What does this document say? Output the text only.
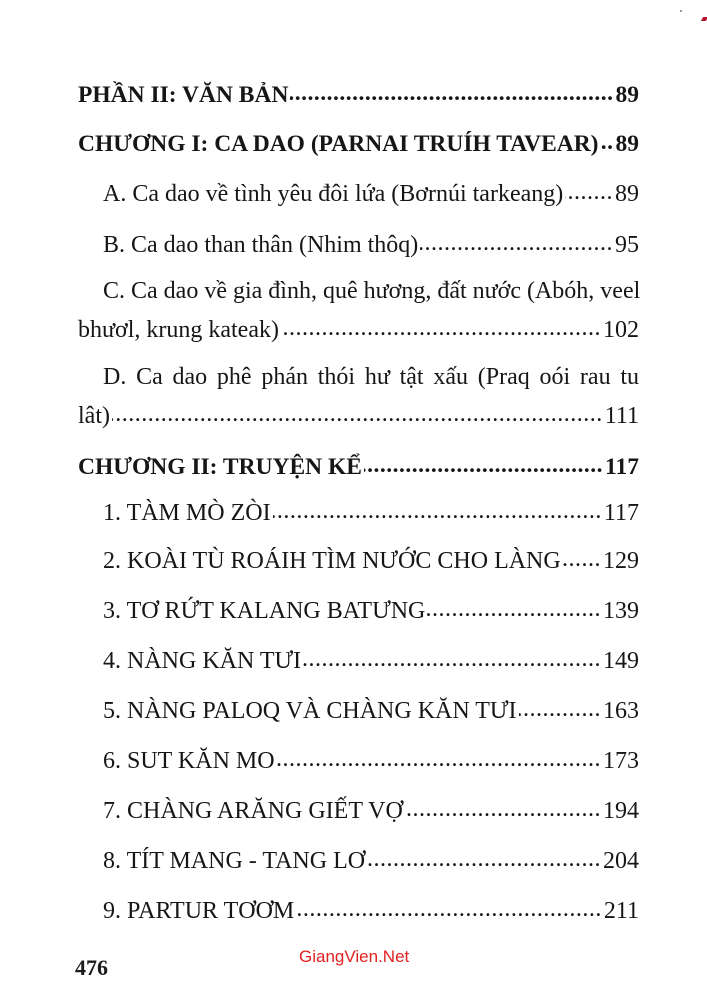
PHẦN II: VĂN BẢN .....	89
CHƯƠNG I: CA DAO (PARNAI TRUÍH TAVEAR) ..... 89
A. Ca dao về tình yêu đôi lứa (Bơrnúi tarkeang) ..... 89
B. Ca dao than thân (Nhim thôq) .....	95
C. Ca dao về gia đình, quê hương, đất nước (Abóh, veel
bhươl, krung kateak) .....	102
D. Ca dao phê phán thói hư tật xấu (Praq oói rau tu
lât) .....	111
CHƯƠNG II: TRUYỆN KỂ .....	117
1. TÀM MÒ ZÒI .....	117
2. KOÀI TÙ ROÁIH TÌM NƯỚC CHO LÀNG ..... 129
3. TƠ RỨT KALANG BATƯNG .....	139
4. NÀNG KĂN TƯI .....	149
5. NÀNG PALOQ VÀ CHÀNG KĂN TƯI .....	163
6. SUT KĂN MO .....	173
7. CHÀNG ARĂNG GIẾT VỢ .....	194
8. TÍT MANG - TANG LƠ .....	204
9. PARTUR TƠƠM .....	211
476	GiangVien.Net
